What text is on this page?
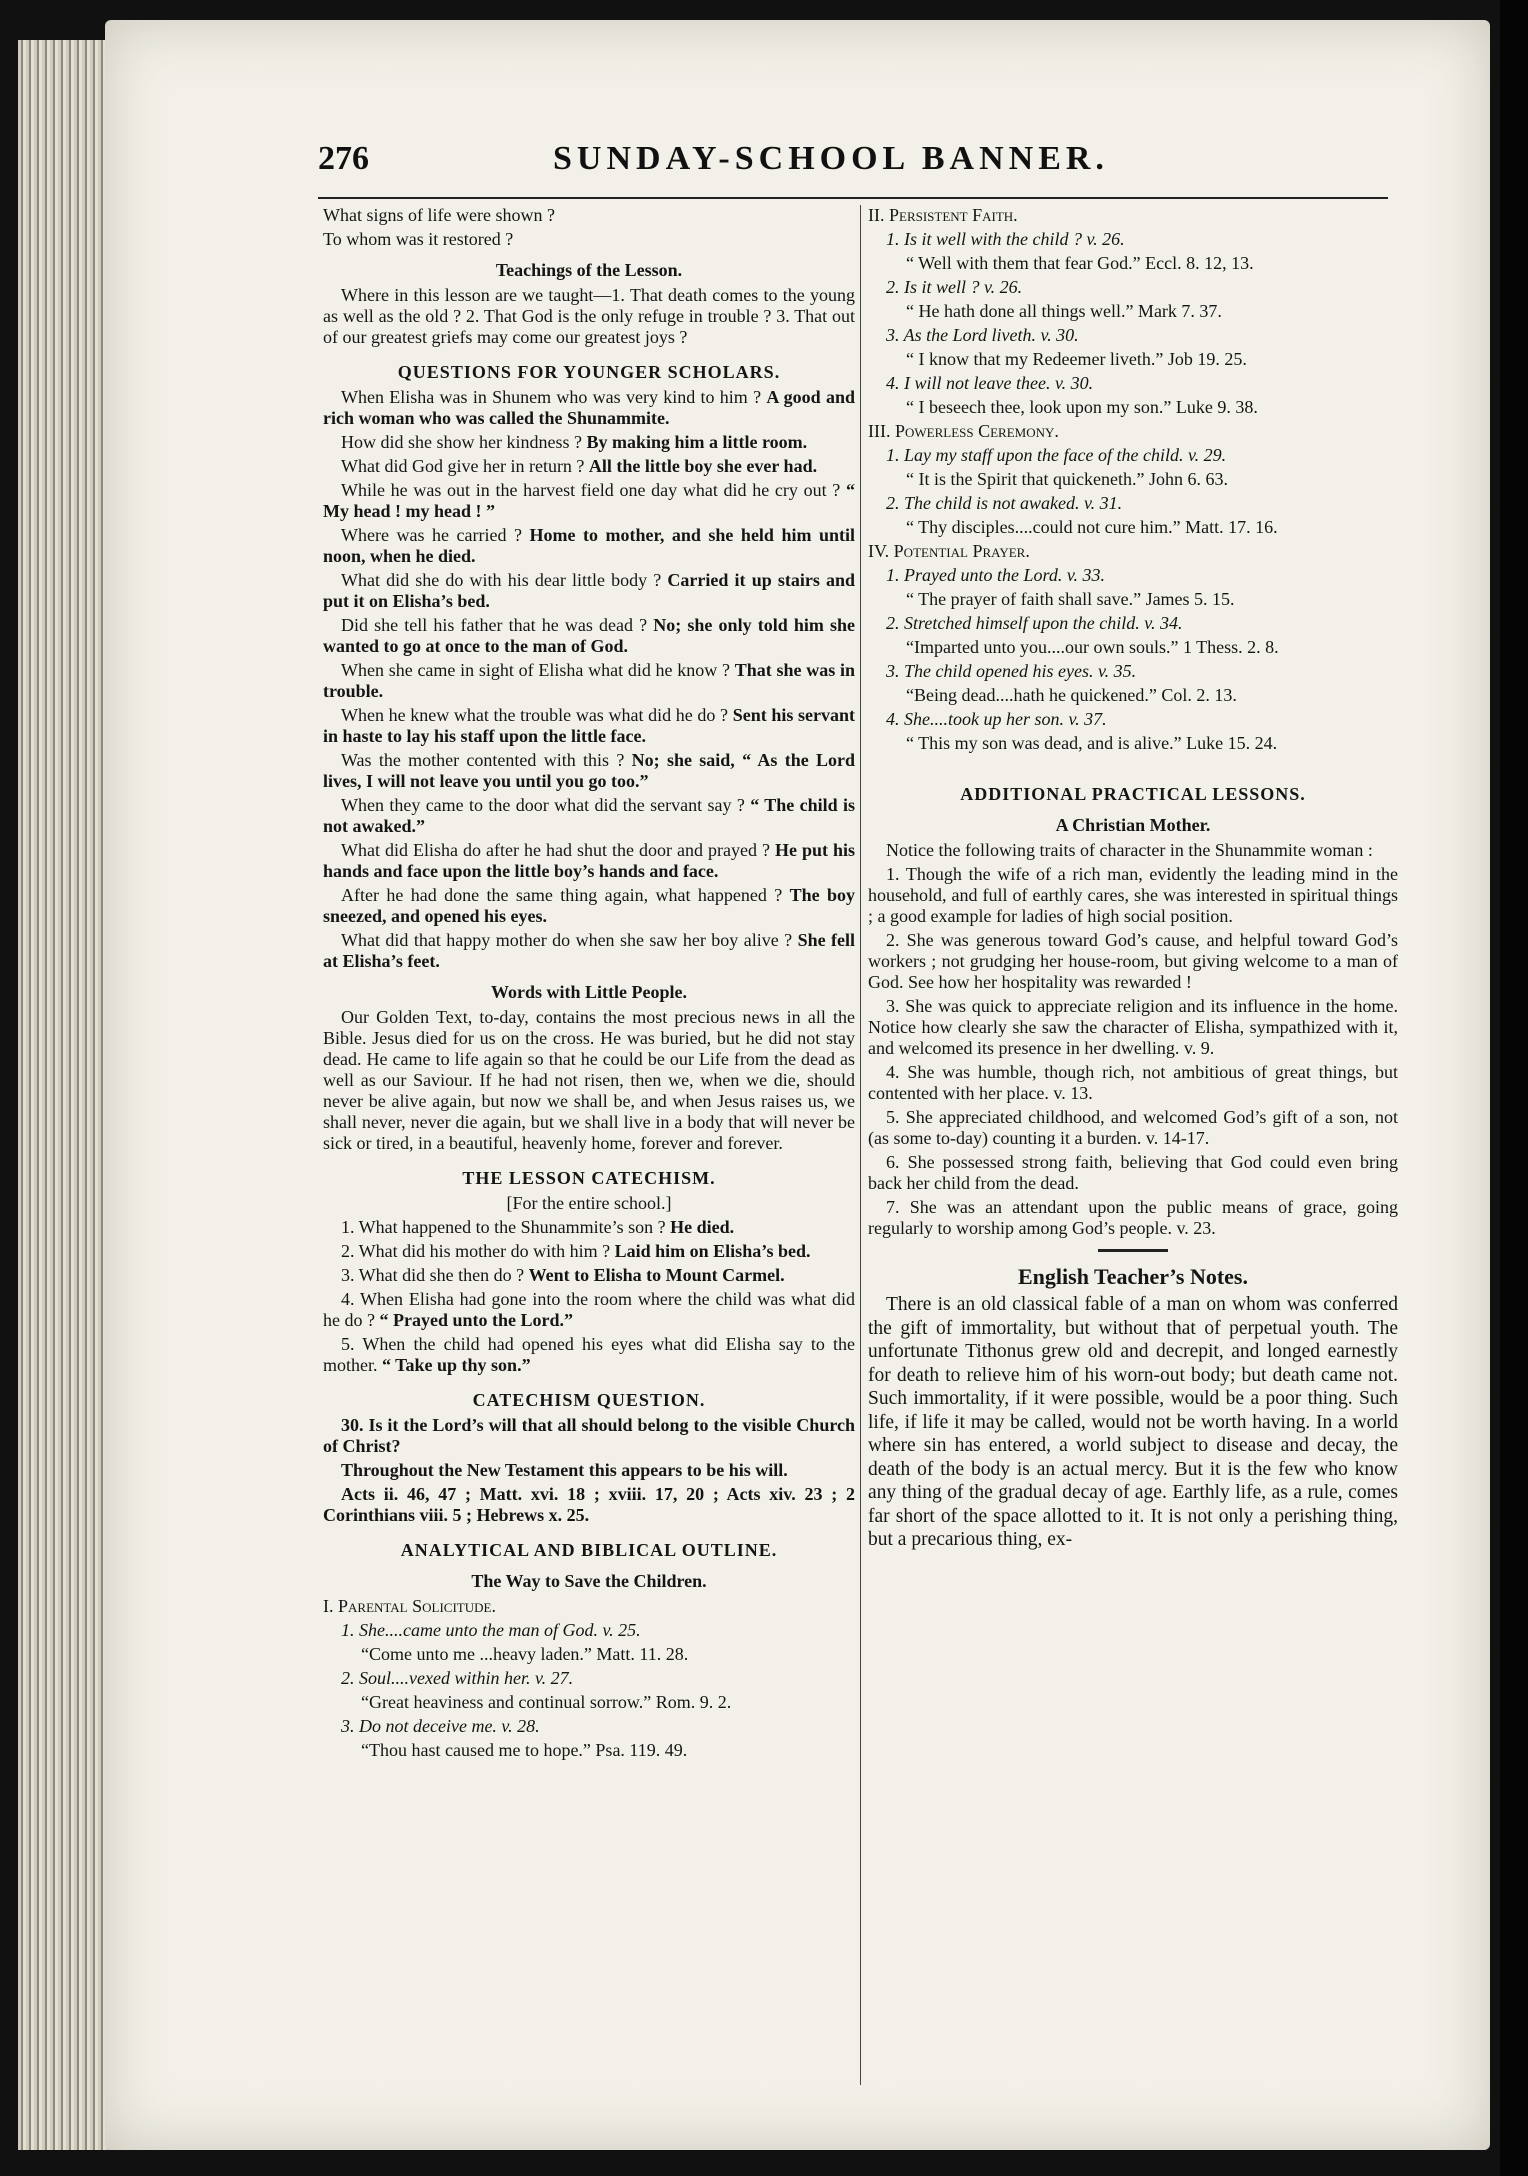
276	SUNDAY-SCHOOL BANNER.

What signs of life were shown ?

To whom was it restored ?

Teachings of the Lesson.

Where in this lesson are we taught—1. That death comes to the young as well as the old ? 2. That God is the only refuge in trouble ? 3. That out of our greatest griefs may come our greatest joys ?

QUESTIONS FOR YOUNGER SCHOLARS.

When Elisha was in Shunem who was very kind to him ? A good and rich woman who was called the Shunammite.

How did she show her kindness ? By making him a little room.

What did God give her in return ? All the little boy she ever had.

While he was out in the harvest field one day what did he cry out ? “ My head ! my head ! ”

Where was he carried ? Home to mother, and she held him until noon, when he died.

What did she do with his dear little body ? Carried it up stairs and put it on Elisha’s bed.

Did she tell his father that he was dead ? No; she only told him she wanted to go at once to the man of God.

When she came in sight of Elisha what did he know ? That she was in trouble.

When he knew what the trouble was what did he do ? Sent his servant in haste to lay his staff upon the little face.

Was the mother contented with this ? No; she said, “ As the Lord lives, I will not leave you until you go too.”

When they came to the door what did the servant say ? “ The child is not awaked.”

What did Elisha do after he had shut the door and prayed ? He put his hands and face upon the little boy’s hands and face.

After he had done the same thing again, what happened ? The boy sneezed, and opened his eyes.

What did that happy mother do when she saw her boy alive ? She fell at Elisha’s feet.

Words with Little People.

Our Golden Text, to-day, contains the most precious news in all the Bible. Jesus died for us on the cross. He was buried, but he did not stay dead. He came to life again so that he could be our Life from the dead as well as our Saviour. If he had not risen, then we, when we die, should never be alive again, but now we shall be, and when Jesus raises us, we shall never, never die again, but we shall live in a body that will never be sick or tired, in a beautiful, heavenly home, forever and forever.

THE LESSON CATECHISM.

[For the entire school.]

1. What happened to the Shunammite’s son ? He died.

2. What did his mother do with him ? Laid him on Elisha’s bed.

3. What did she then do ? Went to Elisha to Mount Carmel.

4. When Elisha had gone into the room where the child was what did he do ? “ Prayed unto the Lord.”

5. When the child had opened his eyes what did Elisha say to the mother. “ Take up thy son.”

CATECHISM QUESTION.

30. Is it the Lord’s will that all should belong to the visible Church of Christ?

Throughout the New Testament this appears to be his will.

Acts ii. 46, 47 ; Matt. xvi. 18 ; xviii. 17, 20 ; Acts xiv. 23 ; 2 Corinthians viii. 5 ; Hebrews x. 25.

ANALYTICAL AND BIBLICAL OUTLINE.
The Way to Save the Children.

I. Parental Solicitude.

1. She....came unto the man of God. v. 25.

“Come unto me ...heavy laden.” Matt. 11. 28.

2. Soul....vexed within her. v. 27.

“Great heaviness and continual sorrow.” Rom. 9. 2.

3. Do not deceive me. v. 28.

“Thou hast caused me to hope.” Psa. 119. 49.

II. Persistent Faith.

1. Is it well with the child ? v. 26.

“ Well with them that fear God.” Eccl. 8. 12, 13.

2. Is it well ? v. 26.

“ He hath done all things well.” Mark 7. 37.

3. As the Lord liveth. v. 30.

“ I know that my Redeemer liveth.” Job 19. 25.

4. I will not leave thee. v. 30.

“ I beseech thee, look upon my son.” Luke 9. 38.

III. Powerless Ceremony.

1. Lay my staff upon the face of the child. v. 29.

“ It is the Spirit that quickeneth.” John 6. 63.

2. The child is not awaked. v. 31.

“ Thy disciples....could not cure him.” Matt. 17. 16.

IV. Potential Prayer.

1. Prayed unto the Lord. v. 33.

“ The prayer of faith shall save.” James 5. 15.

2. Stretched himself upon the child. v. 34.

“Imparted unto you....our own souls.” 1 Thess. 2. 8.

3. The child opened his eyes. v. 35.

“Being dead....hath he quickened.” Col. 2. 13.

4. She....took up her son. v. 37.

“ This my son was dead, and is alive.” Luke 15. 24.

ADDITIONAL PRACTICAL LESSONS.
A Christian Mother.

Notice the following traits of character in the Shunammite woman :

1. Though the wife of a rich man, evidently the leading mind in the household, and full of earthly cares, she was interested in spiritual things ; a good example for ladies of high social position.

2. She was generous toward God’s cause, and helpful toward God’s workers ; not grudging her house-room, but giving welcome to a man of God. See how her hospitality was rewarded !

3. She was quick to appreciate religion and its influence in the home. Notice how clearly she saw the character of Elisha, sympathized with it, and welcomed its presence in her dwelling. v. 9.

4. She was humble, though rich, not ambitious of great things, but contented with her place. v. 13.

5. She appreciated childhood, and welcomed God’s gift of a son, not (as some to-day) counting it a burden. v. 14-17.

6. She possessed strong faith, believing that God could even bring back her child from the dead.

7. She was an attendant upon the public means of grace, going regularly to worship among God’s people. v. 23.

English Teacher’s Notes.

There is an old classical fable of a man on whom was conferred the gift of immortality, but without that of perpetual youth. The unfortunate Tithonus grew old and decrepit, and longed earnestly for death to relieve him of his worn-out body; but death came not. Such immortality, if it were possible, would be a poor thing. Such life, if life it may be called, would not be worth having. In a world where sin has entered, a world subject to disease and decay, the death of the body is an actual mercy. But it is the few who know any thing of the gradual decay of age. Earthly life, as a rule, comes far short of the space allotted to it. It is not only a perishing thing, but a precarious thing, ex-
